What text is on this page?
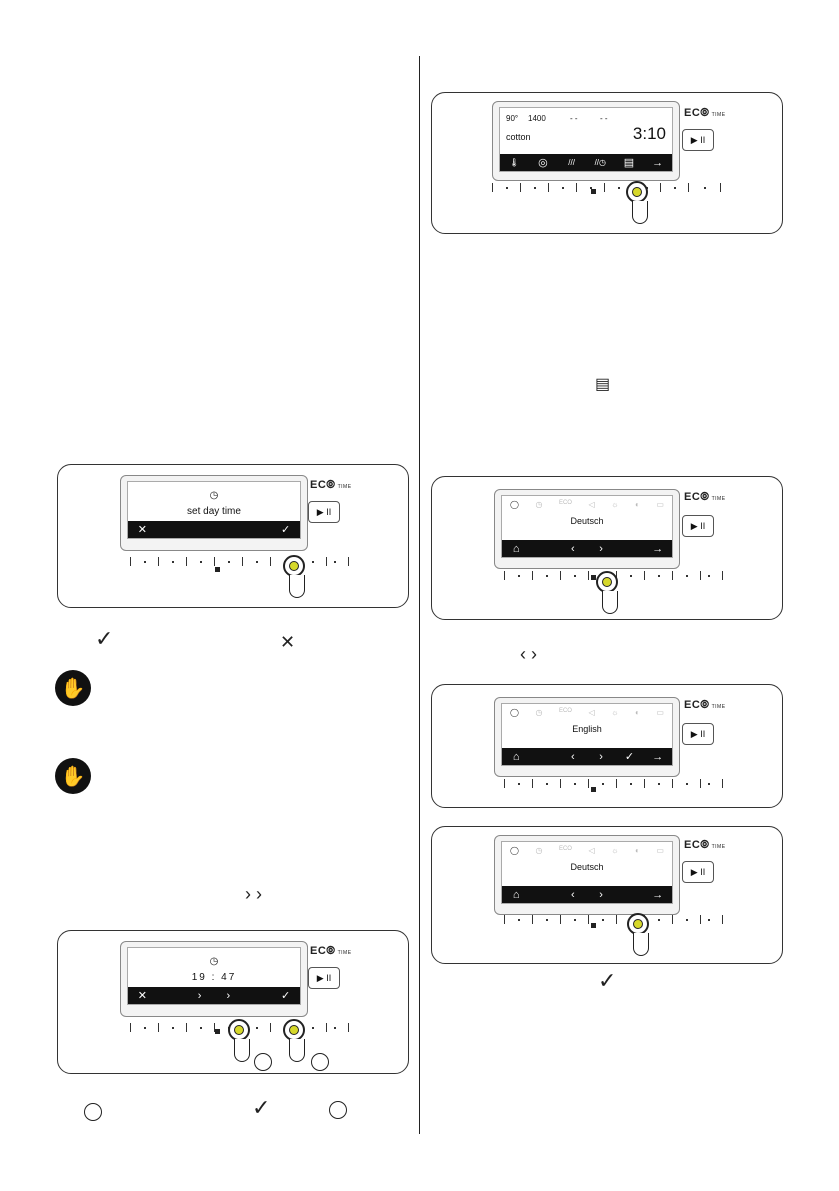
◷
set day time
✕	✓
EC⦾ TIME
▶ II
✓	✕
✋
✋
› ›
◷
19 : 47
✕	›	›	✓
EC⦾ TIME
▶ II
✓
90° 1400	- -	- -
cotton	3:10
🌡 ◎	///	//◷ ▤ →
EC⦾ TIME
▶ II
▤
◯ ◷	ECO ◁ ☼ ◐ ▭
Deutsch
⌂	‹	›	→
EC⦾ TIME
▶ II
‹ ›
◯ ◷	ECO ◁ ☼ ◐ ▭
English
⌂	‹	›	✓ →
EC⦾ TIME
▶ II
◯ ◷	ECO ◁ ☼ ◐ ▭
Deutsch
⌂	‹	›	→
EC⦾ TIME
▶ II
✓
